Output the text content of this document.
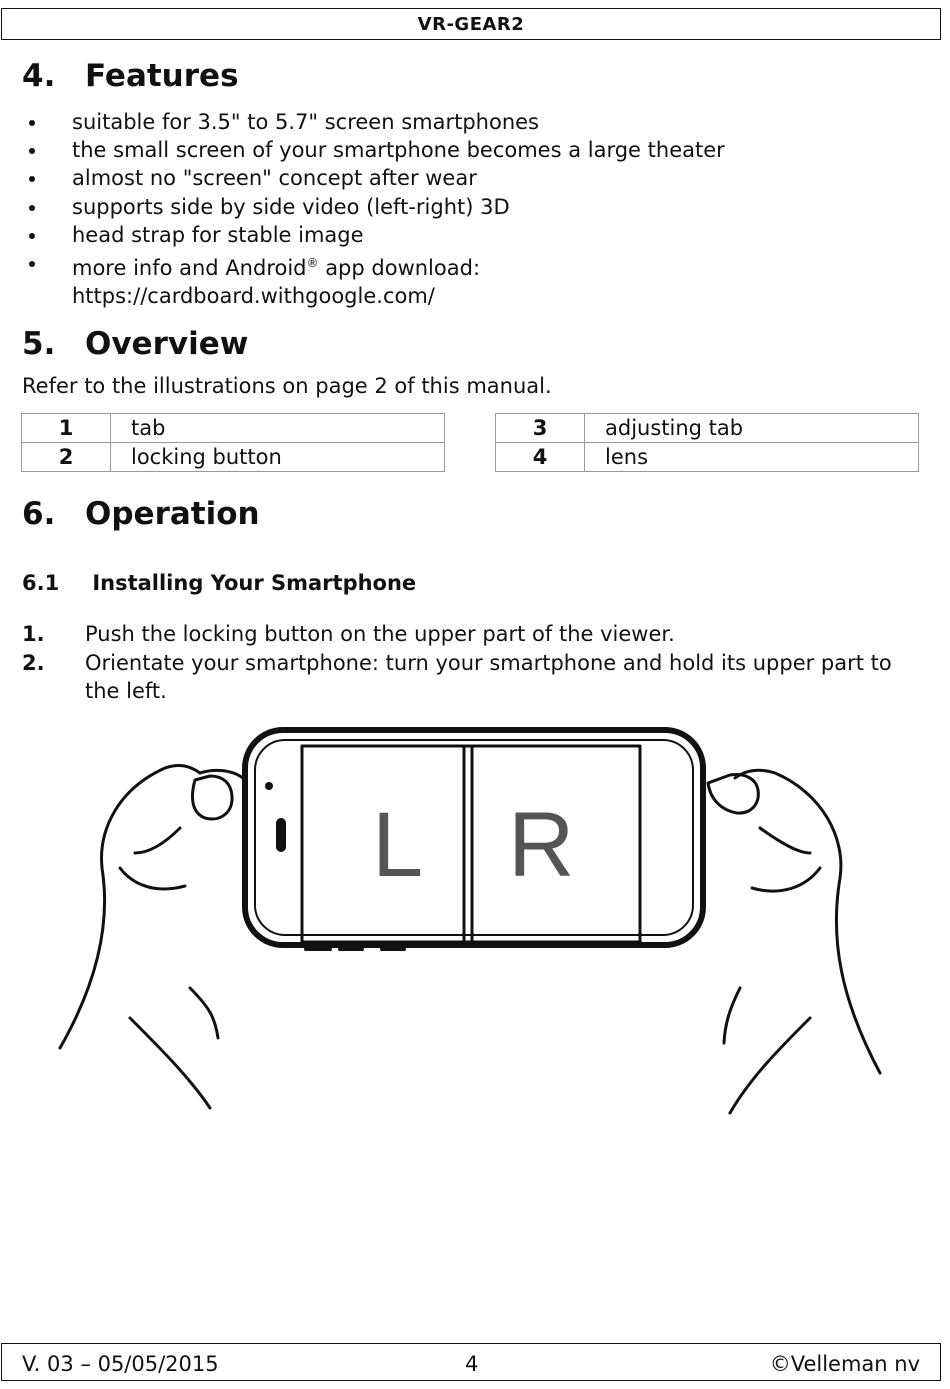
VR-GEAR2
4. Features
suitable for 3.5" to 5.7" screen smartphones
the small screen of your smartphone becomes a large theater
almost no "screen" concept after wear
supports side by side video (left-right) 3D
head strap for stable image
more info and Android® app download:
https://cardboard.withgoogle.com/
5. Overview
Refer to the illustrations on page 2 of this manual.
1	tab
2	locking button
3	adjusting tab
4	lens
6. Operation
6.1 Installing Your Smartphone
1.	Push the locking button on the upper part of the viewer.
2.	Orientate your smartphone: turn your smartphone and hold its upper part to the left.
L R
V. 03 – 05/05/2015	4	©Velleman nv
